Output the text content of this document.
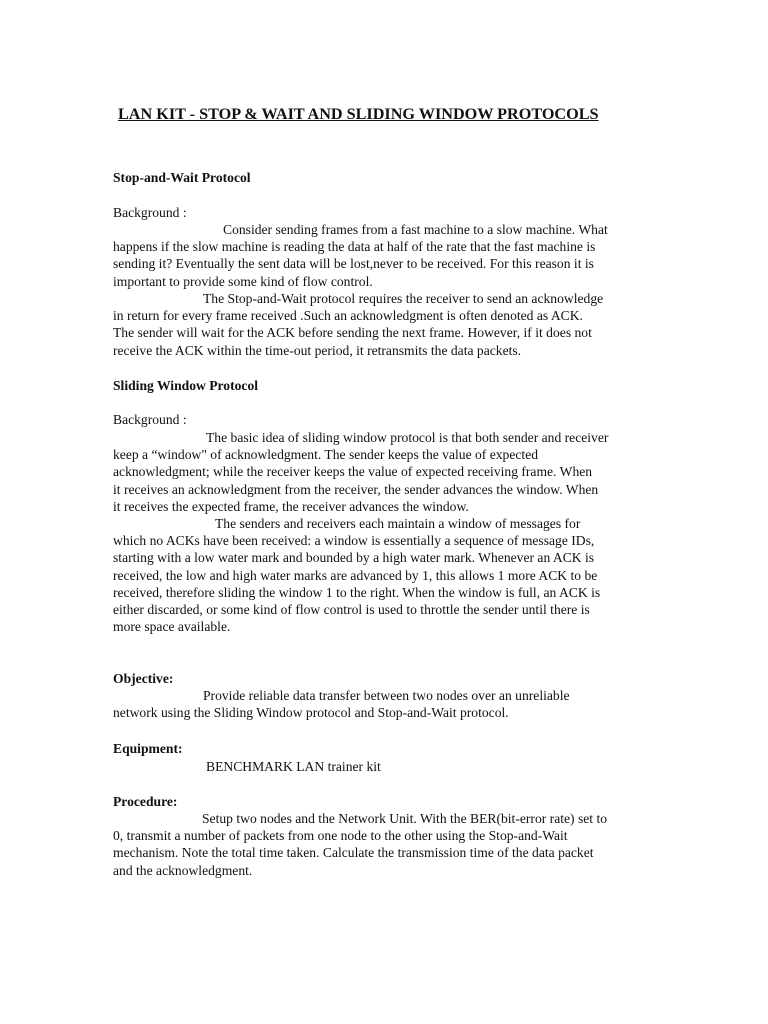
LAN KIT - STOP & WAIT AND SLIDING WINDOW PROTOCOLS
Stop-and-Wait Protocol
Background :
Consider sending frames from a fast machine to a slow machine. What
happens if the slow machine is reading the data at half of the rate that the fast machine is
sending it? Eventually the sent data will be lost,never to be received. For this reason it is
important to provide some kind of flow control.
The Stop-and-Wait protocol requires the receiver to send an acknowledge
in return for every frame received .Such an acknowledgment is often denoted as ACK.
The sender will wait for the ACK before sending the next frame. However, if it does not
receive the ACK within the time-out period, it retransmits the data packets.
Sliding Window Protocol
Background :
The basic idea of sliding window protocol is that both sender and receiver
keep a “window" of acknowledgment. The sender keeps the value of expected
acknowledgment; while the receiver keeps the value of expected receiving frame. When
it receives an acknowledgment from the receiver, the sender advances the window. When
it receives the expected frame, the receiver advances the window.
The senders and receivers each maintain a window of messages for
which no ACKs have been received: a window is essentially a sequence of message IDs,
starting with a low water mark and bounded by a high water mark. Whenever an ACK is
received, the low and high water marks are advanced by 1, this allows 1 more ACK to be
received, therefore sliding the window 1 to the right. When the window is full, an ACK is
either discarded, or some kind of flow control is used to throttle the sender until there is
more space available.
Objective:
Provide reliable data transfer between two nodes over an unreliable
network using the Sliding Window protocol and Stop-and-Wait protocol.
Equipment:
BENCHMARK LAN trainer kit
Procedure:
Setup two nodes and the Network Unit. With the BER(bit-error rate) set to
0, transmit a number of packets from one node to the other using the Stop-and-Wait
mechanism. Note the total time taken. Calculate the transmission time of the data packet
and the acknowledgment.
